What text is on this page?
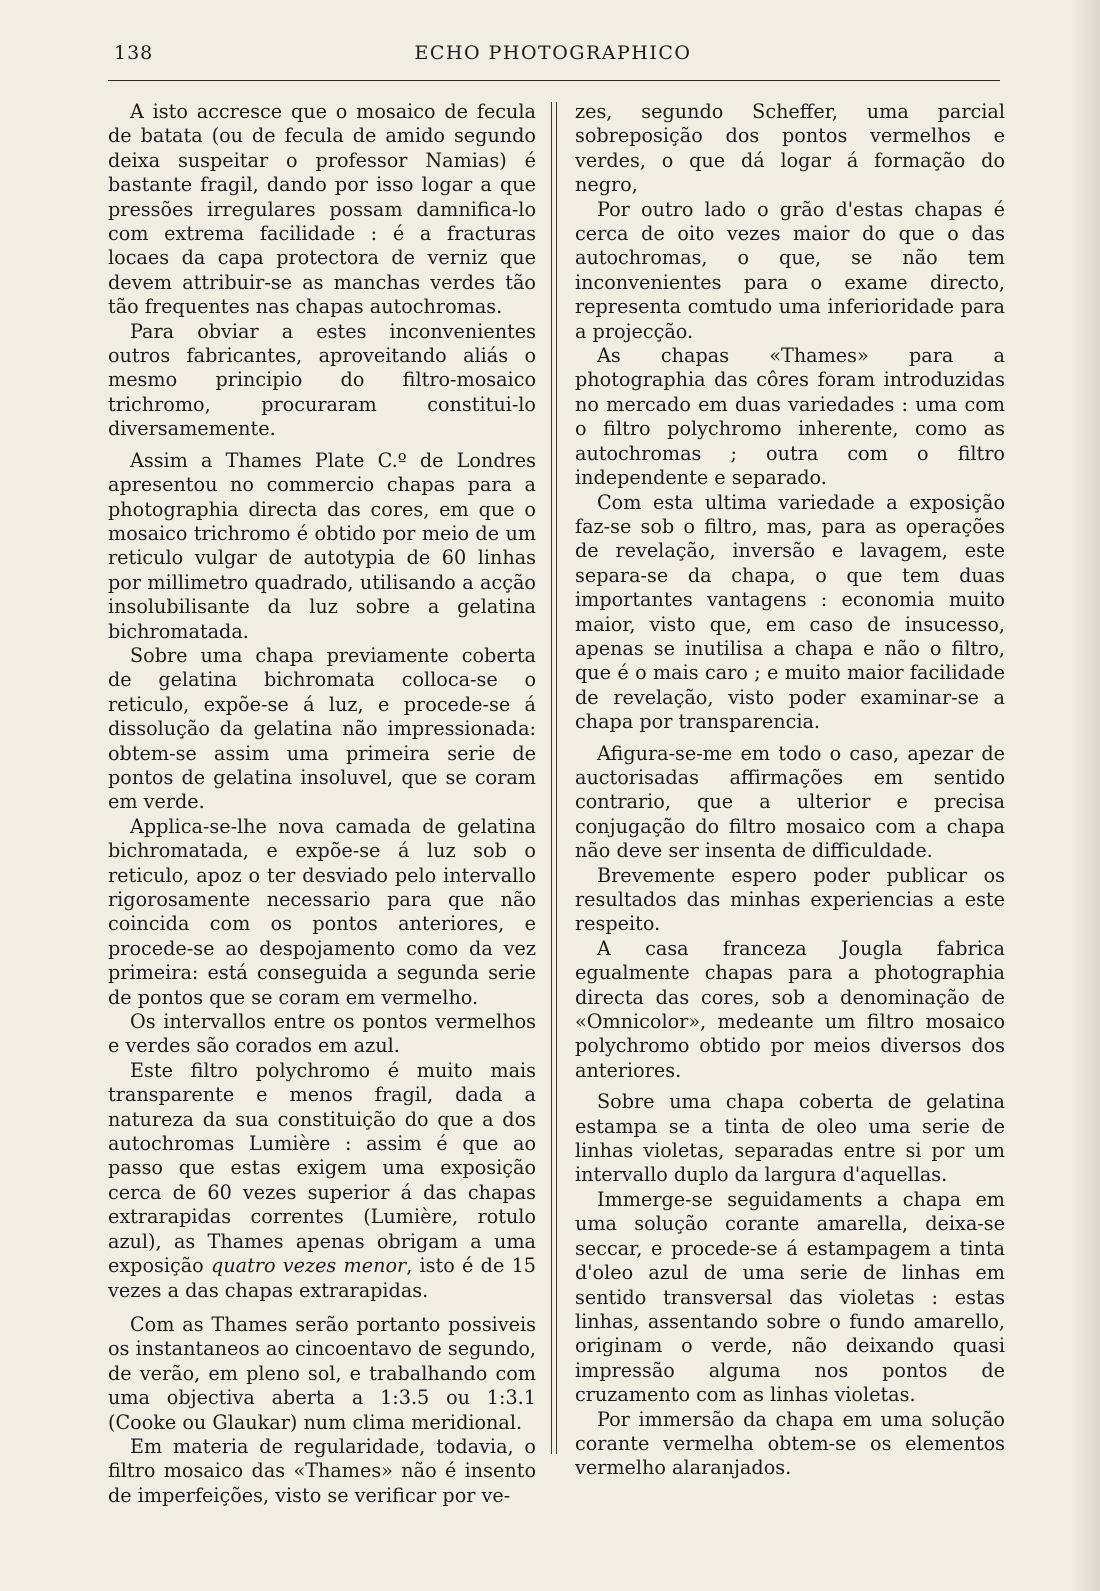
138	ECHO PHOTOGRAPHICO

A isto accresce que o mosaico de fecula de batata (ou de fecula de amido segundo deixa suspeitar o professor Namias) é bastante fragil, dando por isso logar a que pressões irregulares possam damnifica-lo com extrema facilidade : é a fracturas locaes da capa protectora de verniz que devem attribuir-se as manchas verdes tão tão frequentes nas chapas autochromas.

Para obviar a estes inconvenientes outros fabricantes, aproveitando aliás o mesmo principio do filtro-mosaico trichromo, procuraram constitui-lo diversamemente.

Assim a Thames Plate C.º de Londres apresentou no commercio chapas para a photographia directa das cores, em que o mosaico trichromo é obtido por meio de um reticulo vulgar de autotypia de 60 linhas por millimetro quadrado, utilisando a acção insolubilisante da luz sobre a gelatina bichromatada.

Sobre uma chapa previamente coberta de gelatina bichromata colloca-se o reticulo, expõe-se á luz, e procede-se á dissolução da gelatina não impressionada: obtem-se assim uma primeira serie de pontos de gelatina insoluvel, que se coram em verde.

Applica-se-lhe nova camada de gelatina bichromatada, e expõe-se á luz sob o reticulo, apoz o ter desviado pelo intervallo rigorosamente necessario para que não coincida com os pontos anteriores, e procede-se ao despojamento como da vez primeira: está conseguida a segunda serie de pontos que se coram em vermelho.

Os intervallos entre os pontos vermelhos e verdes são corados em azul.

Este filtro polychromo é muito mais transparente e menos fragil, dada a natureza da sua constituição do que a dos autochromas Lumière : assim é que ao passo que estas exigem uma exposição cerca de 60 vezes superior á das chapas extrarapidas correntes (Lumière, rotulo azul), as Thames apenas obrigam a uma exposição quatro vezes menor, isto é de 15 vezes a das chapas extrarapidas.

Com as Thames serão portanto possiveis os instantaneos ao cincoentavo de segundo, de verão, em pleno sol, e trabalhando com uma objectiva aberta a 1:3.5 ou 1:3.1 (Cooke ou Glaukar) num clima meridional.

Em materia de regularidade, todavia, o filtro mosaico das «Thames» não é insento de imperfeições, visto se verificar por ve-

zes, segundo Scheffer, uma parcial sobreposição dos pontos vermelhos e verdes, o que dá logar á formação do negro,

Por outro lado o grão d'estas chapas é cerca de oito vezes maior do que o das autochromas, o que, se não tem inconvenientes para o exame directo, representa comtudo uma inferioridade para a projecção.

As chapas «Thames» para a photographia das côres foram introduzidas no mercado em duas variedades : uma com o filtro polychromo inherente, como as autochromas ; outra com o filtro independente e separado.

Com esta ultima variedade a exposição faz-se sob o filtro, mas, para as operações de revelação, inversão e lavagem, este separa-se da chapa, o que tem duas importantes vantagens : economia muito maior, visto que, em caso de insucesso, apenas se inutilisa a chapa e não o filtro, que é o mais caro ; e muito maior facilidade de revelação, visto poder examinar-se a chapa por transparencia.

Afigura-se-me em todo o caso, apezar de auctorisadas affirmações em sentido contrario, que a ulterior e precisa conjugação do filtro mosaico com a chapa não deve ser insenta de difficuldade.

Brevemente espero poder publicar os resultados das minhas experiencias a este respeito.

A casa franceza Jougla fabrica egualmente chapas para a photographia directa das cores, sob a denominação de «Omnicolor», medeante um filtro mosaico polychromo obtido por meios diversos dos anteriores.

Sobre uma chapa coberta de gelatina estampa se a tinta de oleo uma serie de linhas violetas, separadas entre si por um intervallo duplo da largura d'aquellas.

Immerge-se seguidaments a chapa em uma solução corante amarella, deixa-se seccar, e procede-se á estampagem a tinta d'oleo azul de uma serie de linhas em sentido transversal das violetas : estas linhas, assentando sobre o fundo amarello, originam o verde, não deixando quasi impressão alguma nos pontos de cruzamento com as linhas violetas.

Por immersão da chapa em uma solução corante vermelha obtem-se os elementos vermelho alaranjados.
